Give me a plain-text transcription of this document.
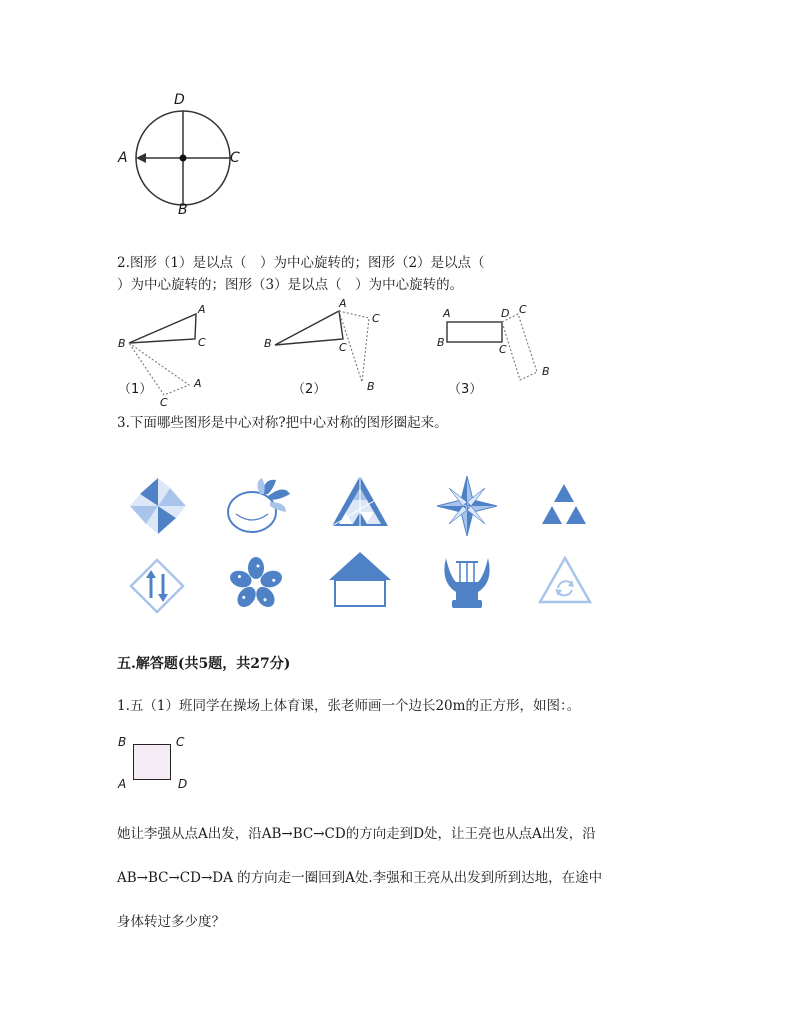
D
A	C
B
2.图形（1）是以点（　）为中心旋转的；图形（2）是以点（
）为中心旋转的；图形（3）是以点（　）为中心旋转的。
A
B	C
A
C
（1）
A
B	C
C
B
（2）
A
B
D C
C
B
（3）
3.下面哪些图形是中心对称?把中心对称的图形圈起来。
五.解答题(共5题，共27分)
1.五（1）班同学在操场上体育课，张老师画一个边长20m的正方形，如图：。
B	C
A	D
她让李强从点A出发，沿AB→BC→CD的方向走到D处，让王亮也从点A出发，沿
AB→BC→CD→DA 的方向走一圈回到A处.李强和王亮从出发到所到达地，在途中
身体转过多少度？
